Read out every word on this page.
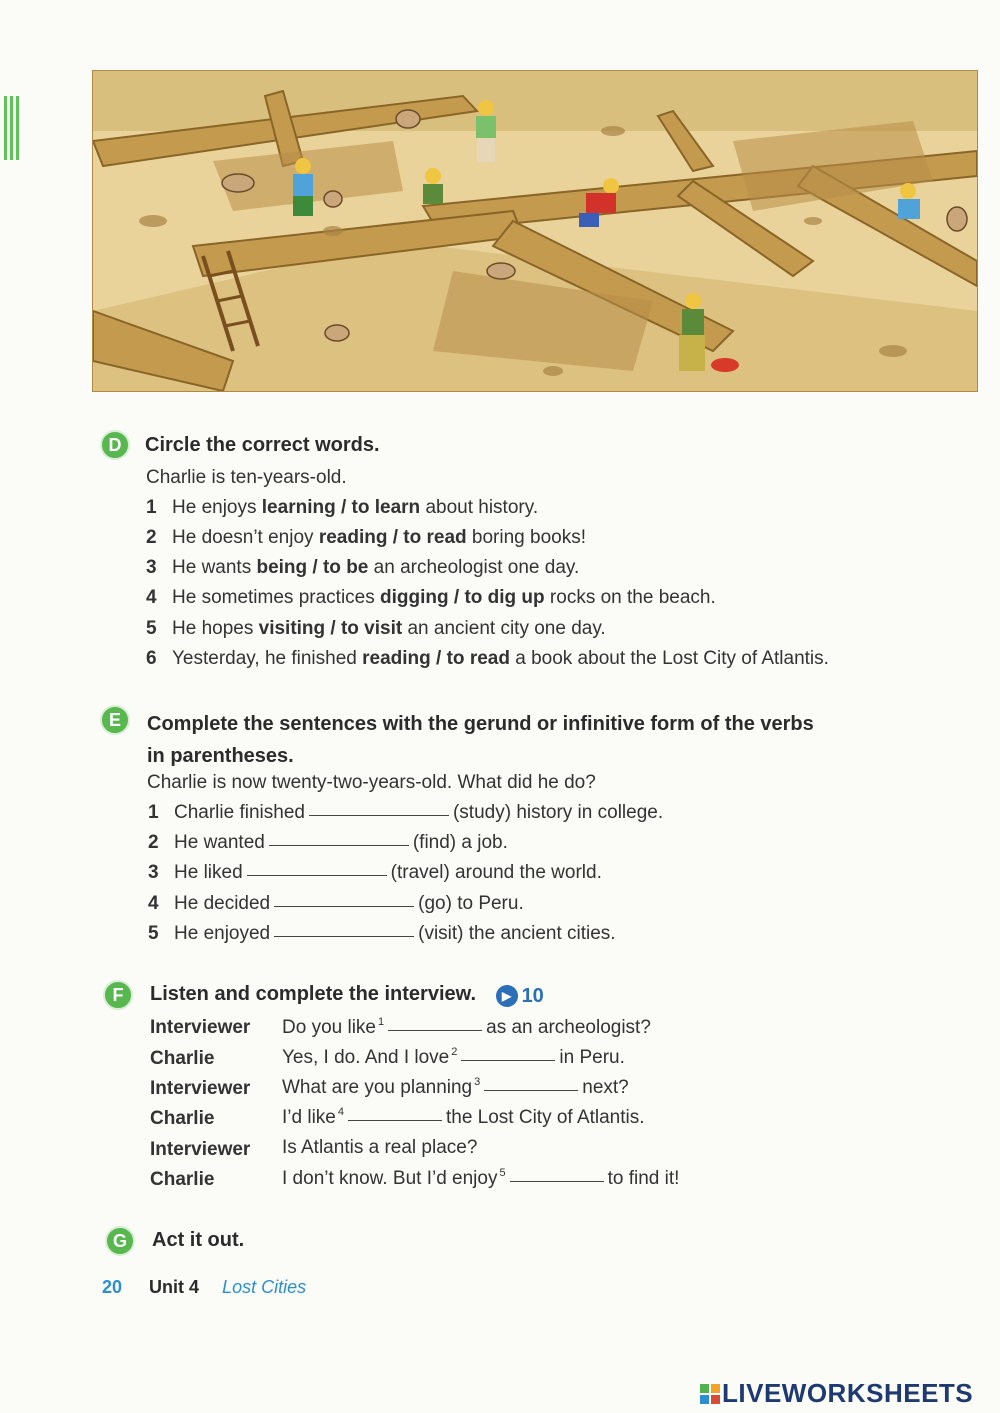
D	Circle the correct words.
Charlie is ten-years-old.
1 He enjoys learning / to learn about history.
2 He doesn’t enjoy reading / to read boring books!
3 He wants being / to be an archeologist one day.
4 He sometimes practices digging / to dig up rocks on the beach.
5 He hopes visiting / to visit an ancient city one day.
6 Yesterday, he finished reading / to read a book about the Lost City of Atlantis.
E	Complete the sentences with the gerund or infinitive form of the verbs
in parentheses.
Charlie is now twenty-two-years-old. What did he do?
1 Charlie finished	(study) history in college.
2 He wanted	(find) a job.
3 He liked	(travel) around the world.
4 He decided	(go) to Peru.
5 He enjoyed	(visit) the ancient cities.
F	Listen and complete the interview.	▶ 10
Interviewer Do you like $^1$	as an archeologist?
Charlie	Yes, I do. And I love $^2$	in Peru.
Interviewer What are you planning $^3$	next?
Charlie	I’d like $^4$	the Lost City of Atlantis.
Interviewer Is Atlantis a real place?
Charlie	I don’t know. But I’d enjoy $^5$	to find it!
G	Act it out.
20 Unit 4 Lost Cities
LIVEWORKSHEETS
